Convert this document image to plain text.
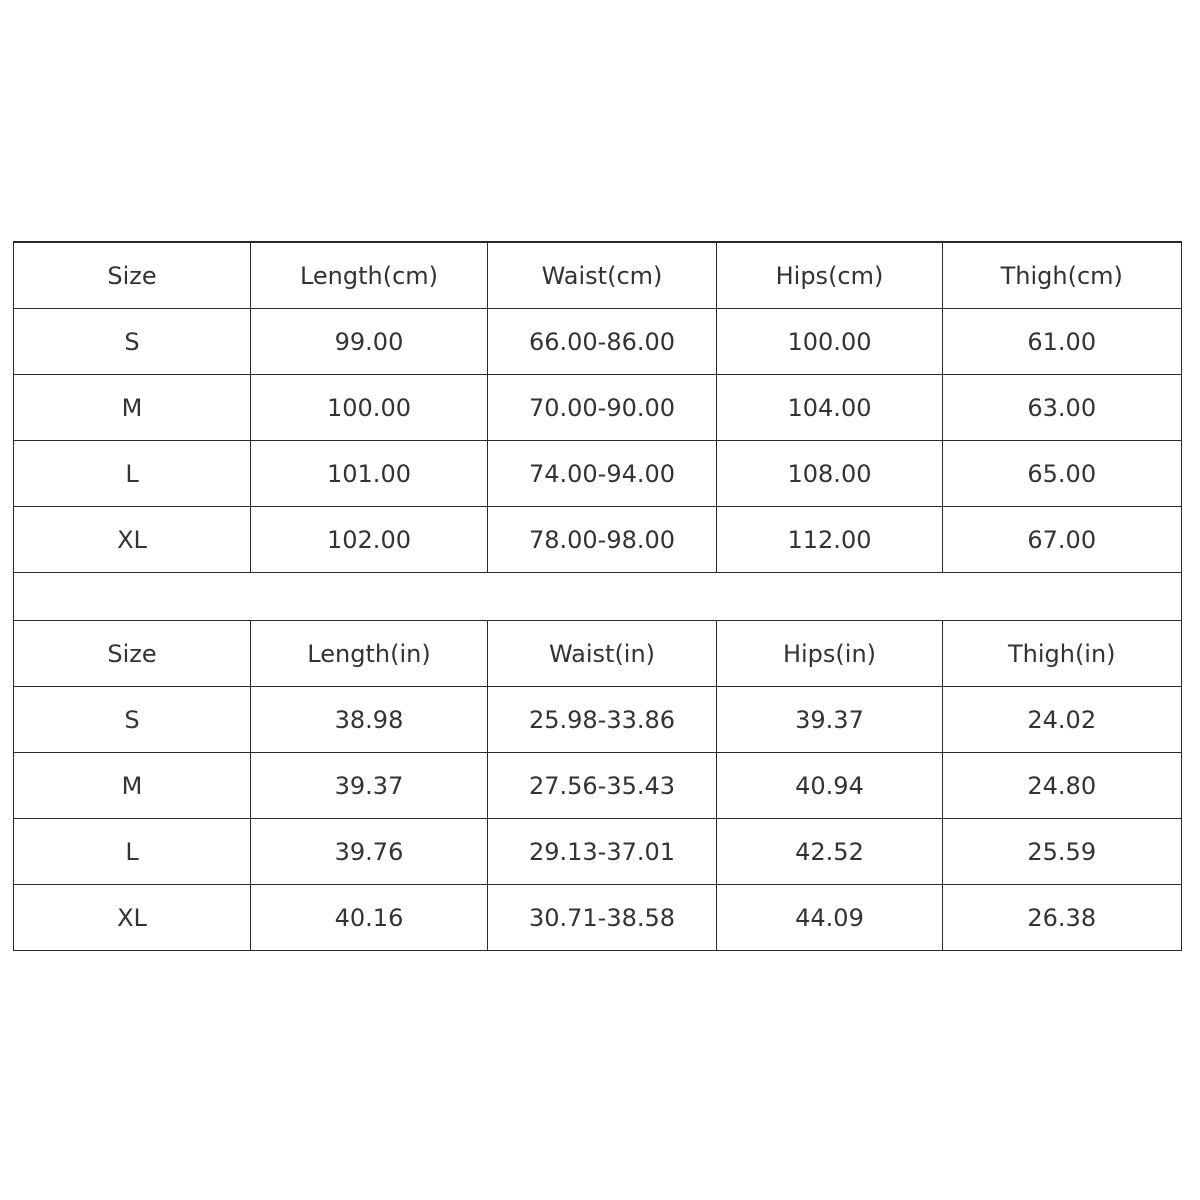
Size	Length(cm)	Waist(cm)	Hips(cm)	Thigh(cm)
S	99.00	66.00-86.00	100.00	61.00
M	100.00	70.00-90.00	104.00	63.00
L	101.00	74.00-94.00	108.00	65.00
XL	102.00	78.00-98.00	112.00	67.00
Size	Length(in)	Waist(in)	Hips(in)	Thigh(in)
S	38.98	25.98-33.86	39.37	24.02
M	39.37	27.56-35.43	40.94	24.80
L	39.76	29.13-37.01	42.52	25.59
XL	40.16	30.71-38.58	44.09	26.38
